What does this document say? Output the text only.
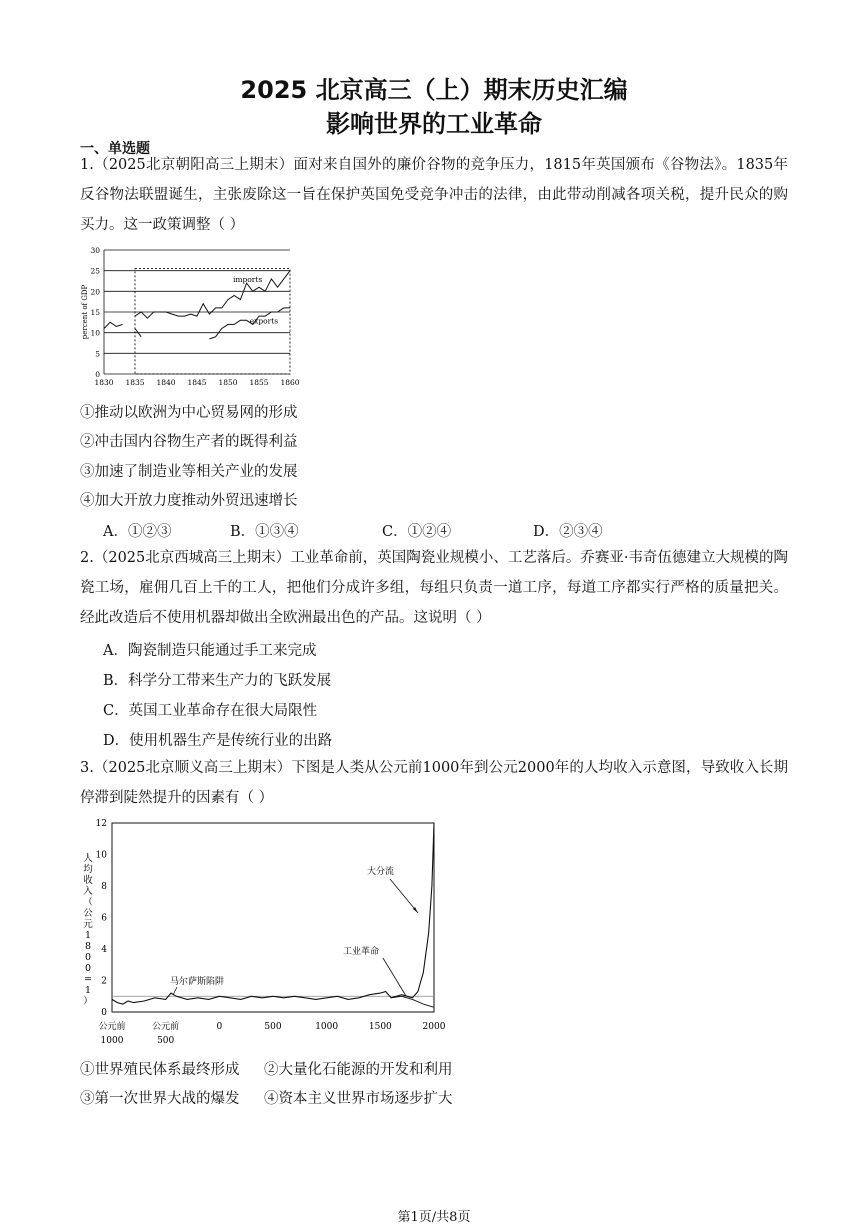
2025 北京高三（上）期末历史汇编
影响世界的工业革命
一、单选题
1.（2025北京朝阳高三上期末）面对来自国外的廉价谷物的竞争压力，1815年英国颁布《谷物法》。1835年反谷物法联盟诞生，主张废除这一旨在保护英国免受竞争冲击的法律，由此带动削减各项关税，提升民众的购买力。这一政策调整（ ）
0
5
10
15
20
25
30
1830 1835 1840 1845 1850 1855 1860
percent of GDP
imports
exports
①推动以欧洲为中心贸易网的形成
②冲击国内谷物生产者的既得利益
③加速了制造业等相关产业的发展
④加大开放力度推动外贸迅速增长
A．①②③	B．①③④	C．①②④	D．②③④
2.（2025北京西城高三上期末）工业革命前，英国陶瓷业规模小、工艺落后。乔赛亚·韦奇伍德建立大规模的陶瓷工场，雇佣几百上千的工人，把他们分成许多组，每组只负责一道工序，每道工序都实行严格的质量把关。经此改造后不使用机器却做出全欧洲最出色的产品。这说明（ ）
A．陶瓷制造只能通过手工来完成
B．科学分工带来生产力的飞跃发展
C．英国工业革命存在很大局限性
D．使用机器生产是传统行业的出路
3.（2025北京顺义高三上期末）下图是人类从公元前1000年到公元2000年的人均收入示意图，导致收入长期停滞到陡然提升的因素有（ ）
0
2
4
6
8
10
12
公元前
1000
公元前
500
0	500	1000	1500	2000
人
均
收
入
（
公
元
1
8
0
0
=
1
）
马尔萨斯陷阱
工业革命
大分流
①世界殖民体系最终形成 ②大量化石能源的开发和利用
③第一次世界大战的爆发 ④资本主义世界市场逐步扩大
第1页/共8页
